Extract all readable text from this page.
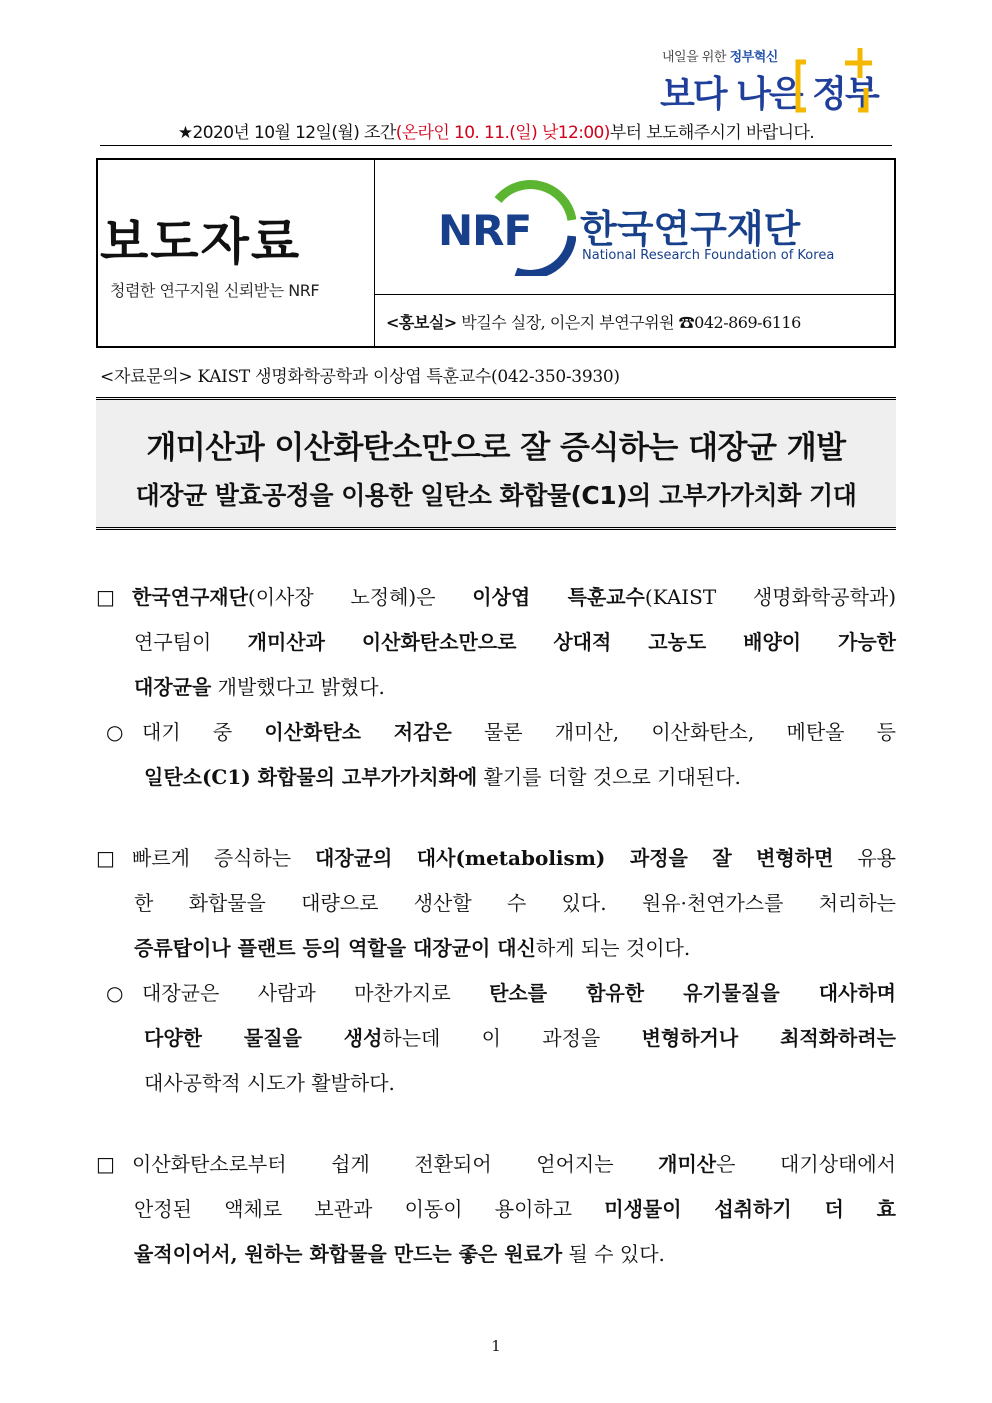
내일을 위한 정부혁신
보다 나은 정부
★2020년 10월 12일(월) 조간(온라인 10. 11.(일) 낮12:00)부터 보도해주시기 바랍니다.
보도자료
청렴한 연구지원 신뢰받는 NRF
NRF 한국연구재단
National Research Foundation of Korea
<홍보실> 박길수 실장, 이은지 부연구위원 ☎042-869-6116
<자료문의> KAIST 생명화학공학과 이상엽 특훈교수(042-350-3930)
개미산과 이산화탄소만으로 잘 증식하는 대장균 개발
대장균 발효공정을 이용한 일탄소 화합물(C1)의 고부가가치화 기대
□ 한국연구재단(이사장 노정혜)은 이상엽 특훈교수(KAIST 생명화학공학과)
연구팀이 개미산과 이산화탄소만으로 상대적 고농도 배양이 가능한
대장균을 개발했다고 밝혔다.
○ 대기 중 이산화탄소 저감은 물론 개미산, 이산화탄소, 메탄올 등
일탄소(C1) 화합물의 고부가가치화에 활기를 더할 것으로 기대된다.
□ 빠르게 증식하는 대장균의 대사(metabolism) 과정을 잘 변형하면 유용
한 화합물을 대량으로 생산할 수 있다. 원유·천연가스를 처리하는
증류탑이나 플랜트 등의 역할을 대장균이 대신하게 되는 것이다.
○ 대장균은 사람과 마찬가지로 탄소를 함유한 유기물질을 대사하며
다양한 물질을 생성하는데 이 과정을 변형하거나 최적화하려는
대사공학적 시도가 활발하다.
□ 이산화탄소로부터 쉽게 전환되어 얻어지는 개미산은 대기상태에서
안정된 액체로 보관과 이동이 용이하고 미생물이 섭취하기 더 효
율적이어서, 원하는 화합물을 만드는 좋은 원료가 될 수 있다.
1
